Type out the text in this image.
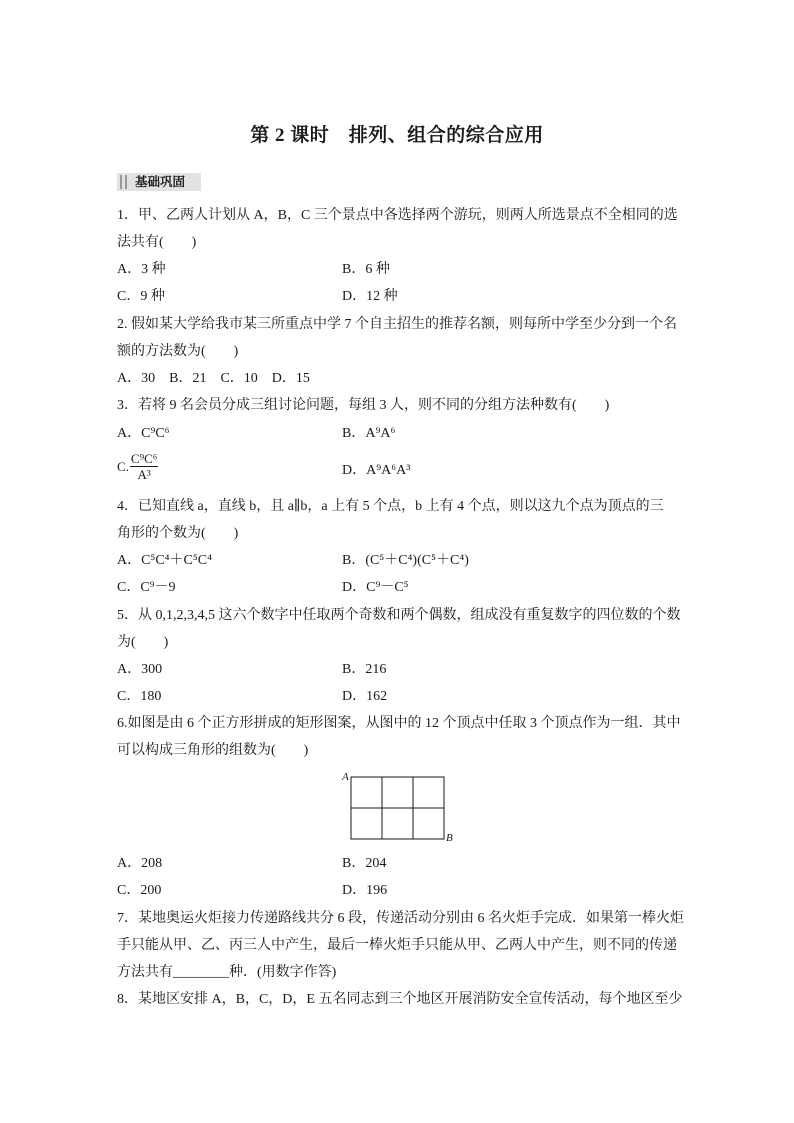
第 2 课时　排列、组合的综合应用
基础巩固
1．甲、乙两人计划从 A，B，C 三个景点中各选择两个游玩，则两人所选景点不全相同的选
法共有(　　)
A．3 种	B．6 种
C．9 种	D．12 种
2. 假如某大学给我市某三所重点中学 7 个自主招生的推荐名额，则每所中学至少分到一个名
额的方法数为(　　)
A．30　B．21　C．10　D．15
3．若将 9 名会员分成三组讨论问题，每组 3 人，则不同的分组方法种数有(　　)
A．C⁹C⁶	B．A⁹A⁶
C. $\frac{\text{C⁹C⁶}}{\text{A³}}$	D．A⁹A⁶A³
4．已知直线 a，直线 b，且 a∥b，a 上有 5 个点，b 上有 4 个点，则以这九个点为顶点的三
角形的个数为(　　)
A．C⁵C⁴＋C⁵C⁴	B．(C⁵＋C⁴)(C⁵＋C⁴)
C．C⁹－9	D．C⁹－C⁵
5．从 0,1,2,3,4,5 这六个数字中任取两个奇数和两个偶数，组成没有重复数字的四位数的个数
为(　　)
A．300	B．216
C．180	D．162
6.如图是由 6 个正方形拼成的矩形图案，从图中的 12 个顶点中任取 3 个顶点作为一组．其中
可以构成三角形的组数为(　　)
A
B
A．208	B．204
C．200	D．196
7．某地奥运火炬接力传递路线共分 6 段，传递活动分别由 6 名火炬手完成．如果第一棒火炬
手只能从甲、乙、丙三人中产生，最后一棒火炬手只能从甲、乙两人中产生，则不同的传递
方法共有________种．(用数字作答)
8．某地区安排 A，B，C，D，E 五名同志到三个地区开展消防安全宣传活动，每个地区至少
